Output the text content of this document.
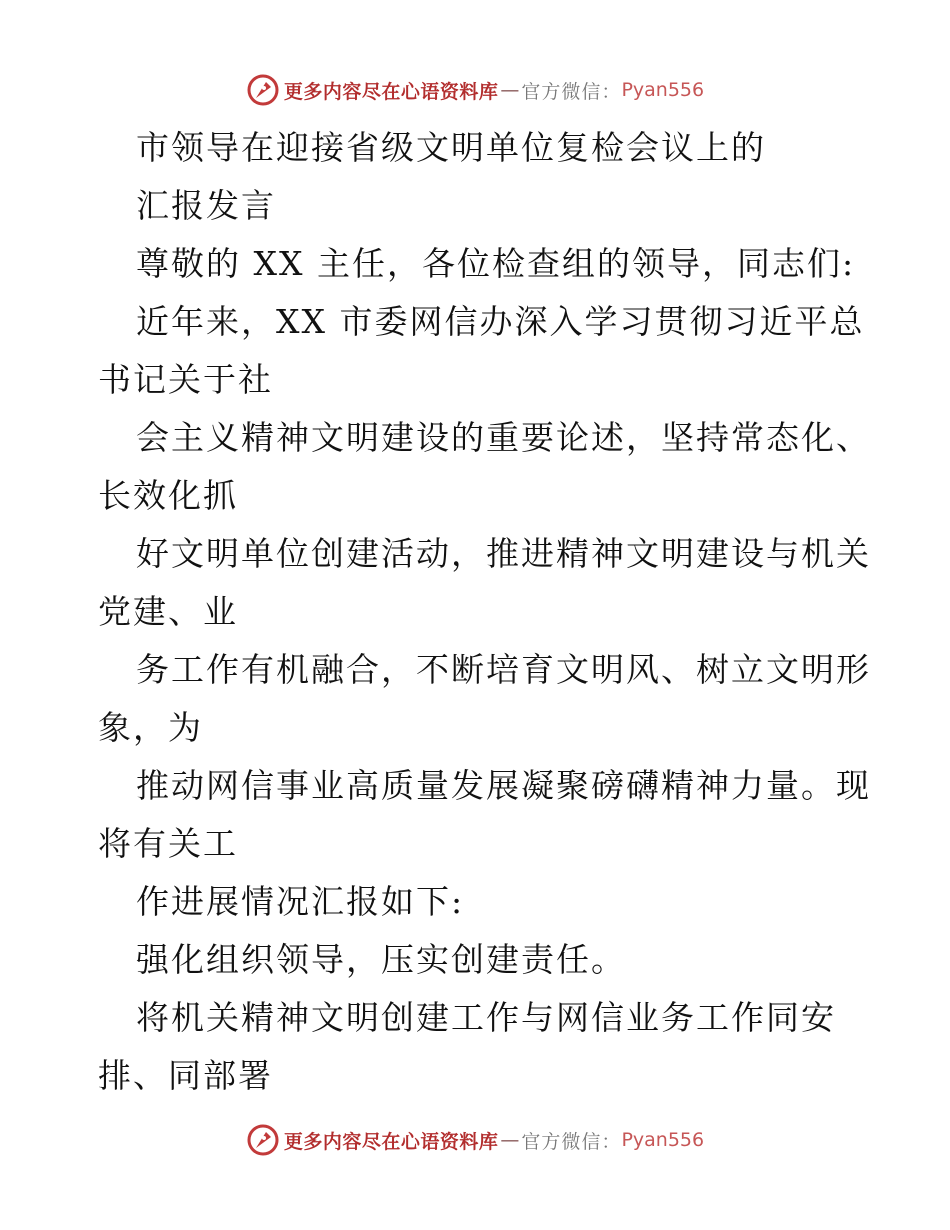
更多内容尽在心语资料库 — 官方微信： Pyan556
市领导在迎接省级文明单位复检会议上的
汇报发言
尊敬的 XX 主任，各位检查组的领导，同志们:
近年来，XX 市委网信办深入学习贯彻习近平总
书记关于社
会主义精神文明建设的重要论述，坚持常态化、
长效化抓
好文明单位创建活动，推进精神文明建设与机关
党建、业
务工作有机融合，不断培育文明风、树立文明形
象，为
推动网信事业高质量发展凝聚磅礴精神力量。现
将有关工
作进展情况汇报如下:
强化组织领导，压实创建责任。
将机关精神文明创建工作与网信业务工作同安
排、同部署
更多内容尽在心语资料库 — 官方微信： Pyan556
